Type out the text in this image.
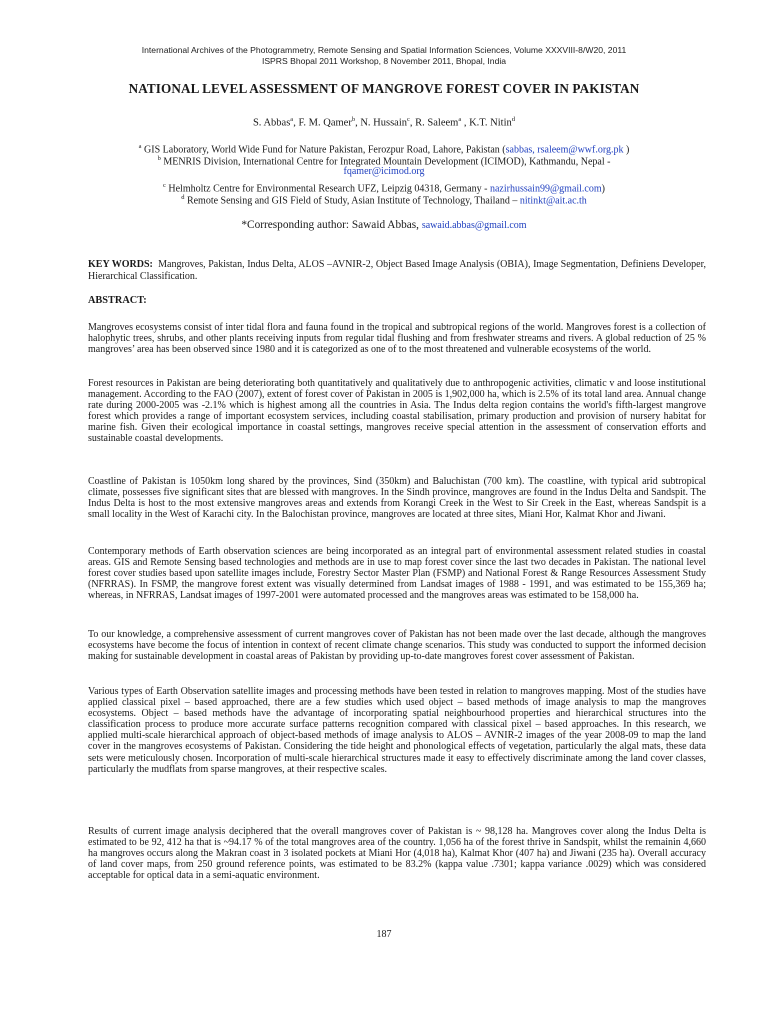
International Archives of the Photogrammetry, Remote Sensing and Spatial Information Sciences, Volume XXXVIII-8/W20, 2011
ISPRS Bhopal 2011 Workshop, 8 November 2011, Bhopal, India
NATIONAL LEVEL ASSESSMENT OF MANGROVE FOREST COVER IN PAKISTAN
S. Abbas$^a$, F. M. Qamer$^b$, N. Hussain$^c$, R. Saleem$^a$ , K.T. Nitin$^d$
$^a$ GIS Laboratory, World Wide Fund for Nature Pakistan, Ferozpur Road, Lahore, Pakistan (sabbas, rsaleem@wwf.org.pk )
$^b$ MENRIS Division, International Centre for Integrated Mountain Development (ICIMOD), Kathmandu, Nepal -
fqamer@icimod.org
$^c$ Helmholtz Centre for Environmental Research UFZ, Leipzig 04318, Germany - nazirhussain99@gmail.com)
$^d$ Remote Sensing and GIS Field of Study, Asian Institute of Technology, Thailand – nitinkt@ait.ac.th
*Corresponding author: Sawaid Abbas, sawaid.abbas@gmail.com
KEY WORDS: Mangroves, Pakistan, Indus Delta, ALOS –AVNIR-2, Object Based Image Analysis (OBIA), Image Segmentation, Definiens Developer, Hierarchical Classification.
ABSTRACT:
Mangroves ecosystems consist of inter tidal flora and fauna found in the tropical and subtropical regions of the world. Mangroves forest is a collection of halophytic trees, shrubs, and other plants receiving inputs from regular tidal flushing and from freshwater streams and rivers. A global reduction of 25 % mangroves’ area has been observed since 1980 and it is categorized as one of to the most threatened and vulnerable ecosystems of the world.
Forest resources in Pakistan are being deteriorating both quantitatively and qualitatively due to anthropogenic activities, climatic v and loose institutional management. According to the FAO (2007), extent of forest cover of Pakistan in 2005 is 1,902,000 ha, which is 2.5% of its total land area. Annual change rate during 2000-2005 was -2.1% which is highest among all the countries in Asia. The Indus delta region contains the world's fifth-largest mangrove forest which provides a range of important ecosystem services, including coastal stabilisation, primary production and provision of nursery habitat for marine fish. Given their ecological importance in coastal settings, mangroves receive special attention in the assessment of conservation efforts and sustainable coastal developments.
Coastline of Pakistan is 1050km long shared by the provinces, Sind (350km) and Baluchistan (700 km). The coastline, with typical arid subtropical climate, possesses five significant sites that are blessed with mangroves. In the Sindh province, mangroves are found in the Indus Delta and Sandspit. The Indus Delta is host to the most extensive mangroves areas and extends from Korangi Creek in the West to Sir Creek in the East, whereas Sandspit is a small locality in the West of Karachi city. In the Balochistan province, mangroves are located at three sites, Miani Hor, Kalmat Khor and Jiwani.
Contemporary methods of Earth observation sciences are being incorporated as an integral part of environmental assessment related studies in coastal areas. GIS and Remote Sensing based technologies and methods are in use to map forest cover since the last two decades in Pakistan. The national level forest cover studies based upon satellite images include, Forestry Sector Master Plan (FSMP) and National Forest & Range Resources Assessment Study (NFRRAS). In FSMP, the mangrove forest extent was visually determined from Landsat images of 1988 - 1991, and was estimated to be 155,369 ha; whereas, in NFRRAS, Landsat images of 1997-2001 were automated processed and the mangroves areas was estimated to be 158,000 ha.
To our knowledge, a comprehensive assessment of current mangroves cover of Pakistan has not been made over the last decade, although the mangroves ecosystems have become the focus of intention in context of recent climate change scenarios. This study was conducted to support the informed decision making for sustainable development in coastal areas of Pakistan by providing up-to-date mangroves forest cover assessment of Pakistan.
Various types of Earth Observation satellite images and processing methods have been tested in relation to mangroves mapping. Most of the studies have applied classical pixel – based approached, there are a few studies which used object – based methods of image analysis to map the mangroves ecosystems. Object – based methods have the advantage of incorporating spatial neighbourhood properties and hierarchical structures into the classification process to produce more accurate surface patterns recognition compared with classical pixel – based approaches. In this research, we applied multi-scale hierarchical approach of object-based methods of image analysis to ALOS – AVNIR-2 images of the year 2008-09 to map the land cover in the mangroves ecosystems of Pakistan. Considering the tide height and phonological effects of vegetation, particularly the algal mats, these data sets were meticulously chosen. Incorporation of multi-scale hierarchical structures made it easy to effectively discriminate among the land cover classes, particularly the mudflats from sparse mangroves, at their respective scales.
Results of current image analysis deciphered that the overall mangroves cover of Pakistan is ~ 98,128 ha. Mangroves cover along the Indus Delta is estimated to be 92, 412 ha that is ~94.17 % of the total mangroves area of the country. 1,056 ha of the forest thrive in Sandspit, whilst the remainin 4,660 ha mangroves occurs along the Makran coast in 3 isolated pockets at Miani Hor (4,018 ha), Kalmat Khor (407 ha) and Jiwani (235 ha). Overall accuracy of land cover maps, from 250 ground reference points, was estimated to be 83.2% (kappa value .7301; kappa variance .0029) which was considered acceptable for optical data in a semi-aquatic environment.
187
